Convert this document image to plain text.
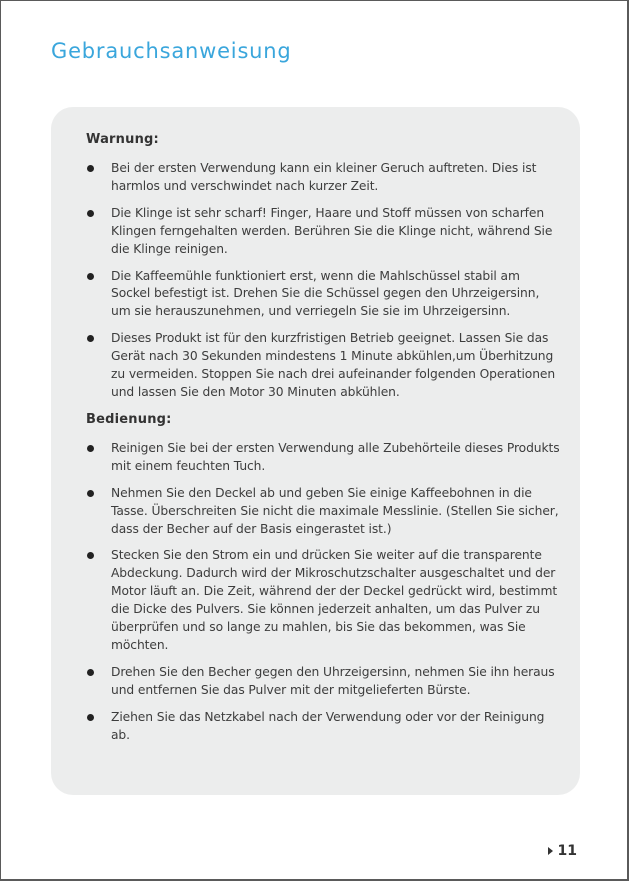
Gebrauchsanweisung
Warnung:
Bei der ersten Verwendung kann ein kleiner Geruch auftreten. Dies ist harmlos und verschwindet nach kurzer Zeit.
Die Klinge ist sehr scharf! Finger, Haare und Stoff müssen von scharfen Klingen ferngehalten werden. Berühren Sie die Klinge nicht, während Sie die Klinge reinigen.
Die Kaffeemühle funktioniert erst, wenn die Mahlschüssel stabil am Sockel befestigt ist. Drehen Sie die Schüssel gegen den Uhrzeigersinn, um sie herauszunehmen, und verriegeln Sie sie im Uhrzeigersinn.
Dieses Produkt ist für den kurzfristigen Betrieb geeignet. Lassen Sie das Gerät nach 30 Sekunden mindestens 1 Minute abkühlen,um Überhitzung zu vermeiden. Stoppen Sie nach drei aufeinander folgenden Operationen und lassen Sie den Motor 30 Minuten abkühlen.
Bedienung:
Reinigen Sie bei der ersten Verwendung alle Zubehörteile dieses Produkts mit einem feuchten Tuch.
Nehmen Sie den Deckel ab und geben Sie einige Kaffeebohnen in die Tasse. Überschreiten Sie nicht die maximale Messlinie. (Stellen Sie sicher, dass der Becher auf der Basis eingerastet ist.)
Stecken Sie den Strom ein und drücken Sie weiter auf die transparente Abdeckung. Dadurch wird der Mikroschutzschalter ausgeschaltet und der Motor läuft an. Die Zeit, während der der Deckel gedrückt wird, bestimmt die Dicke des Pulvers. Sie können jederzeit anhalten, um das Pulver zu überprüfen und so lange zu mahlen, bis Sie das bekommen, was Sie möchten.
Drehen Sie den Becher gegen den Uhrzeigersinn, nehmen Sie ihn heraus und entfernen Sie das Pulver mit der mitgelieferten Bürste.
Ziehen Sie das Netzkabel nach der Verwendung oder vor der Reinigung ab.
11
